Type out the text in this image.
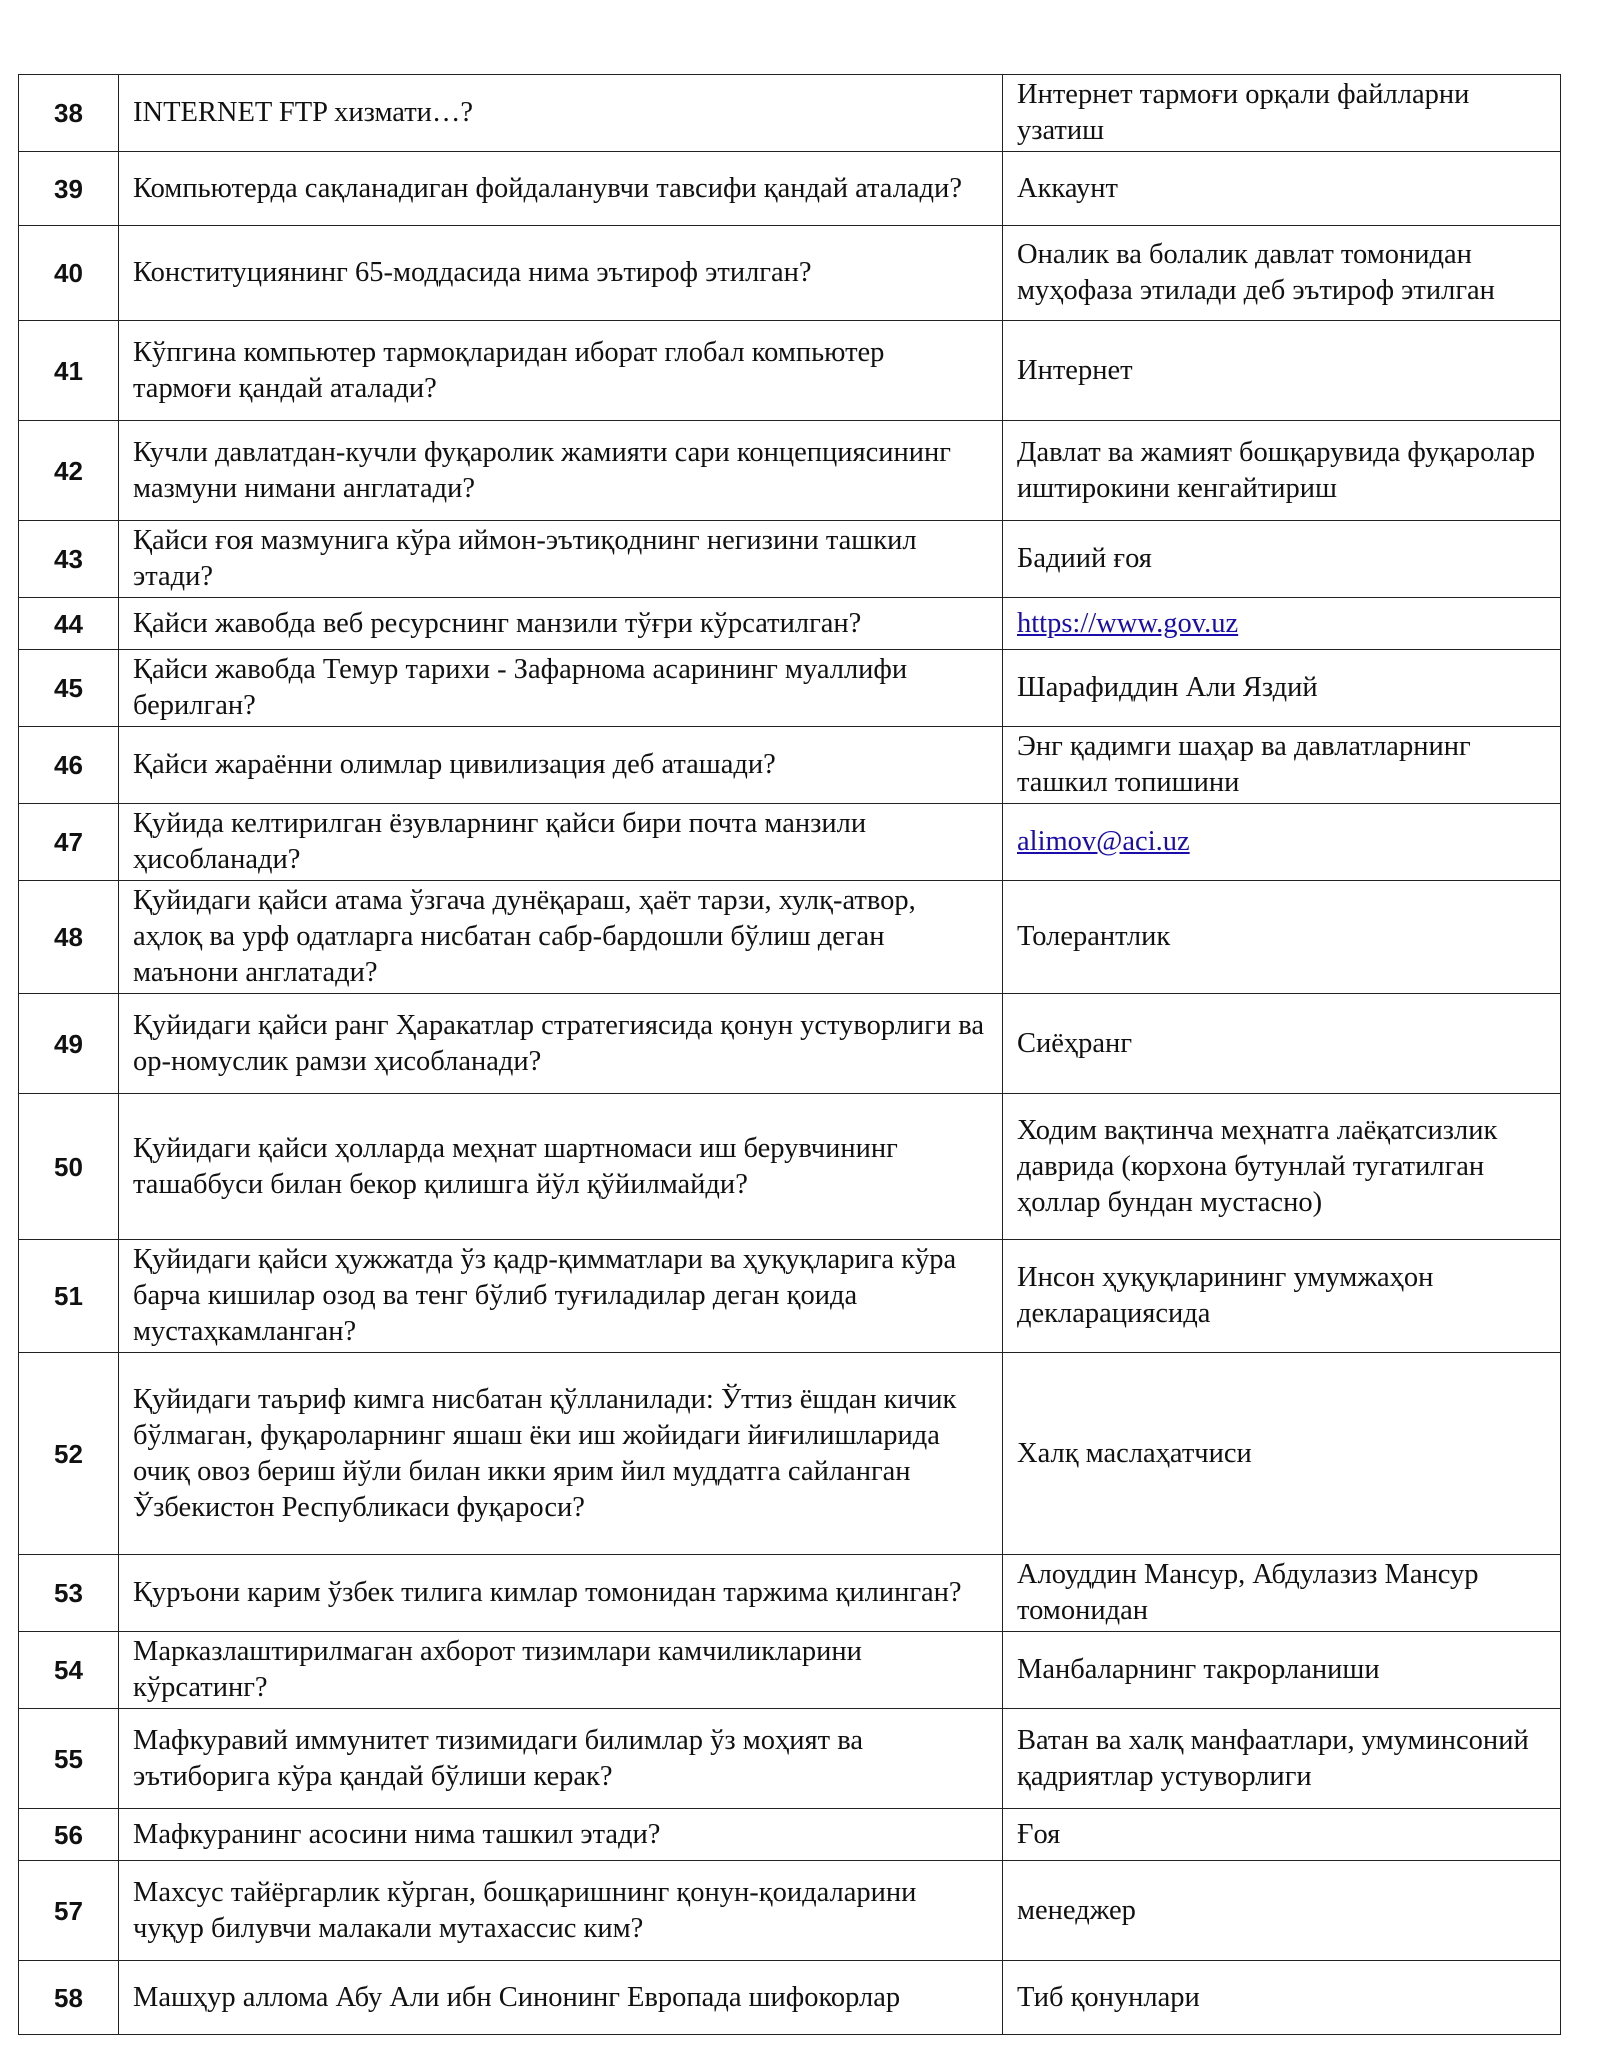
38	INTERNET FTP хизмати…?	Интернет тармоғи орқали файлларни узатиш
39	Компьютерда сақланадиган фойдаланувчи тавсифи қандай аталади?	Аккаунт
40	Конституциянинг 65-моддасида нима эътироф этилган?	Оналик ва болалик давлат томонидан муҳофаза этилади деб эътироф этилган
41	Кўпгина компьютер тармоқларидан иборат глобал компьютер тармоғи қандай аталади?	Интернет
42	Кучли давлатдан-кучли фуқаролик жамияти сари концепциясининг мазмуни нимани англатади?	Давлат ва жамият бошқарувида фуқаролар иштирокини кенгайтириш
43	Қайси ғоя мазмунига кўра иймон-эътиқоднинг негизини ташкил этади?	Бадиий ғоя
44	Қайси жавобда веб ресурснинг манзили тўғри кўрсатилган?	https://www.gov.uz
45	Қайси жавобда Темур тарихи - Зафарнома асарининг муаллифи берилган?	Шарафиддин Али Яздий
46	Қайси жараённи олимлар цивилизация деб аташади?	Энг қадимги шаҳар ва давлатларнинг ташкил топишини
47	Қуйида келтирилган ёзувларнинг қайси бири почта манзили ҳисобланади?	alimov@aci.uz
48	Қуйидаги қайси атама ўзгача дунёқараш, ҳаёт тарзи, хулқ-атвор, аҳлоқ ва урф одатларга нисбатан сабр-бардошли бўлиш деган маънони англатади?	Толерантлик
49	Қуйидаги қайси ранг Ҳаракатлар стратегиясида қонун устуворлиги ва ор-номуслик рамзи ҳисобланади?	Сиёҳранг
50	Қуйидаги қайси ҳолларда меҳнат шартномаси иш берувчининг ташаббуси билан бекор қилишга йўл қўйилмайди?	Ходим вақтинча меҳнатга лаёқатсизлик даврида (корхона бутунлай тугатилган ҳоллар бундан мустасно)
51	Қуйидаги қайси ҳужжатда ўз қадр-қимматлари ва ҳуқуқларига кўра барча кишилар озод ва тенг бўлиб туғиладилар деган қоида мустаҳкамланган?	Инсон ҳуқуқларининг умумжаҳон декларациясида
52	Қуйидаги таъриф кимга нисбатан қўлланилади: Ўттиз ёшдан кичик бўлмаган, фуқароларнинг яшаш ёки иш жойидаги йиғилишларида очиқ овоз бериш йўли билан икки ярим йил муддатга сайланган Ўзбекистон Республикаси фуқароси?	Халқ маслаҳатчиси
53	Қуръони карим ўзбек тилига кимлар томонидан таржима қилинган?	Алоуддин Мансур, Абдулазиз Мансур томонидан
54	Марказлаштирилмаган ахборот тизимлари камчиликларини кўрсатинг?	Манбаларнинг такрорланиши
55	Мафкуравий иммунитет тизимидаги билимлар ўз моҳият ва эътиборига кўра қандай бўлиши керак?	Ватан ва халқ манфаатлари, умуминсоний қадриятлар устуворлиги
56	Мафкуранинг асосини нима ташкил этади?	Ғоя
57	Махсус тайёргарлик кўрган, бошқаришнинг қонун-қоидаларини чуқур билувчи малакали мутахассис ким?	менеджер
58	Машҳур аллома Абу Али ибн Синонинг Европада шифокорлар	Тиб қонунлари
